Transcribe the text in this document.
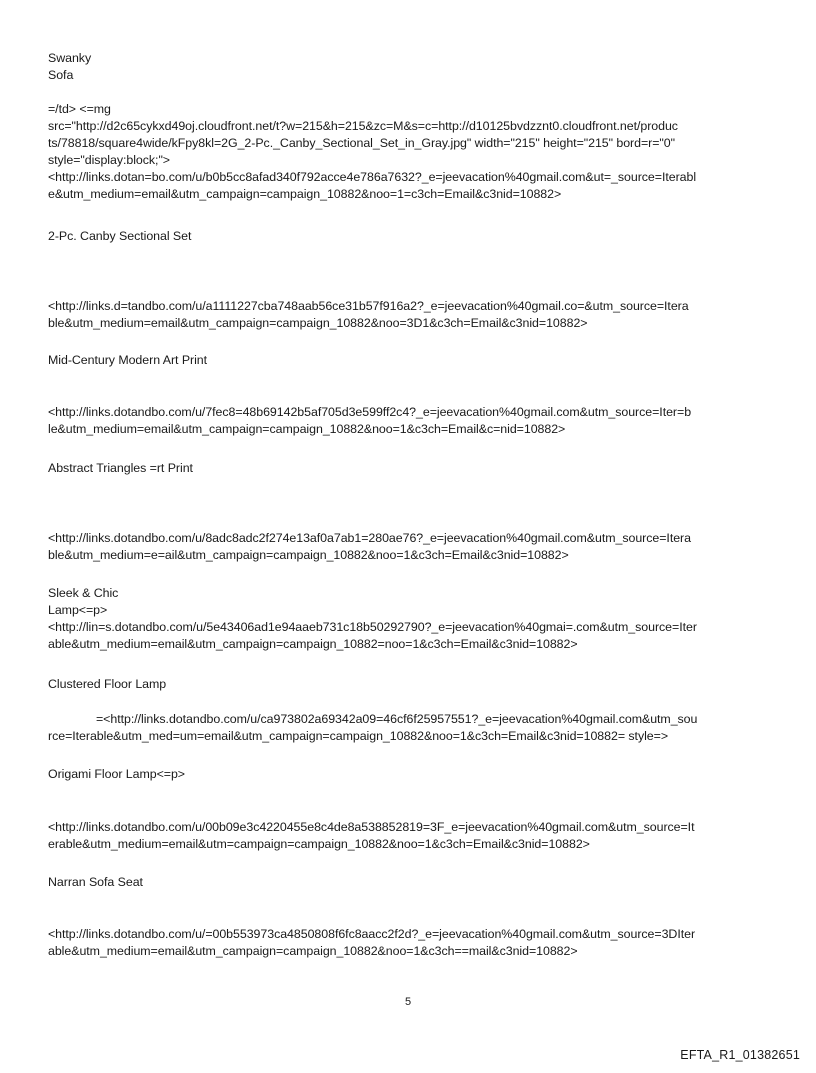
Swanky
Sofa
=/td> <=mg
src="http://d2c65cykxd49oj.cloudfront.net/t?w=215&h=215&zc=M&s=c=http://d10125bvdzznt0.cloudfront.net/produc
ts/78818/square4wide/kFpy8kl=2G_2-Pc._Canby_Sectional_Set_in_Gray.jpg" width="215" height="215" bord=r="0"
style="display:block;">
<http://links.dotan=bo.com/u/b0b5cc8afad340f792acce4e786a7632?_e=jeevacation%40gmail.com&ut=_source=Iterabl
e&utm_medium=email&utm_campaign=campaign_10882&noo=1=c3ch=Email&c3nid=10882>
2-Pc. Canby Sectional Set
<http://links.d=tandbo.com/u/a1111227cba748aab56ce31b57f916a2?_e=jeevacation%40gmail.co=&utm_source=Itera
ble&utm_medium=email&utm_campaign=campaign_10882&noo=3D1&c3ch=Email&c3nid=10882>
Mid-Century Modern Art Print
<http://links.dotandbo.com/u/7fec8=48b69142b5af705d3e599ff2c4?_e=jeevacation%40gmail.com&utm_source=Iter=b
le&utm_medium=email&utm_campaign=campaign_10882&noo=1&c3ch=Email&c=nid=10882>
Abstract Triangles =rt Print
<http://links.dotandbo.com/u/8adc8adc2f274e13af0a7ab1=280ae76?_e=jeevacation%40gmail.com&utm_source=Itera
ble&utm_medium=e=ail&utm_campaign=campaign_10882&noo=1&c3ch=Email&c3nid=10882>
Sleek & Chic
Lamp<=p>
<http://lin=s.dotandbo.com/u/5e43406ad1e94aaeb731c18b50292790?_e=jeevacation%40gmai=.com&utm_source=Iter
able&utm_medium=email&utm_campaign=campaign_10882=noo=1&c3ch=Email&c3nid=10882>
Clustered Floor Lamp
=<http://links.dotandbo.com/u/ca973802a69342a09=46cf6f25957551?_e=jeevacation%40gmail.com&utm_sou
rce=Iterable&utm_med=um=email&utm_campaign=campaign_10882&noo=1&c3ch=Email&c3nid=10882= style=>
Origami Floor Lamp<=p>
<http://links.dotandbo.com/u/00b09e3c4220455e8c4de8a538852819=3F_e=jeevacation%40gmail.com&utm_source=It
erable&utm_medium=email&utm=campaign=campaign_10882&noo=1&c3ch=Email&c3nid=10882>
Narran Sofa Seat
<http://links.dotandbo.com/u/=00b553973ca4850808f6fc8aacc2f2d?_e=jeevacation%40gmail.com&utm_source=3DIter
able&utm_medium=email&utm_campaign=campaign_10882&noo=1&c3ch==mail&c3nid=10882>
5
EFTA_R1_01382651
